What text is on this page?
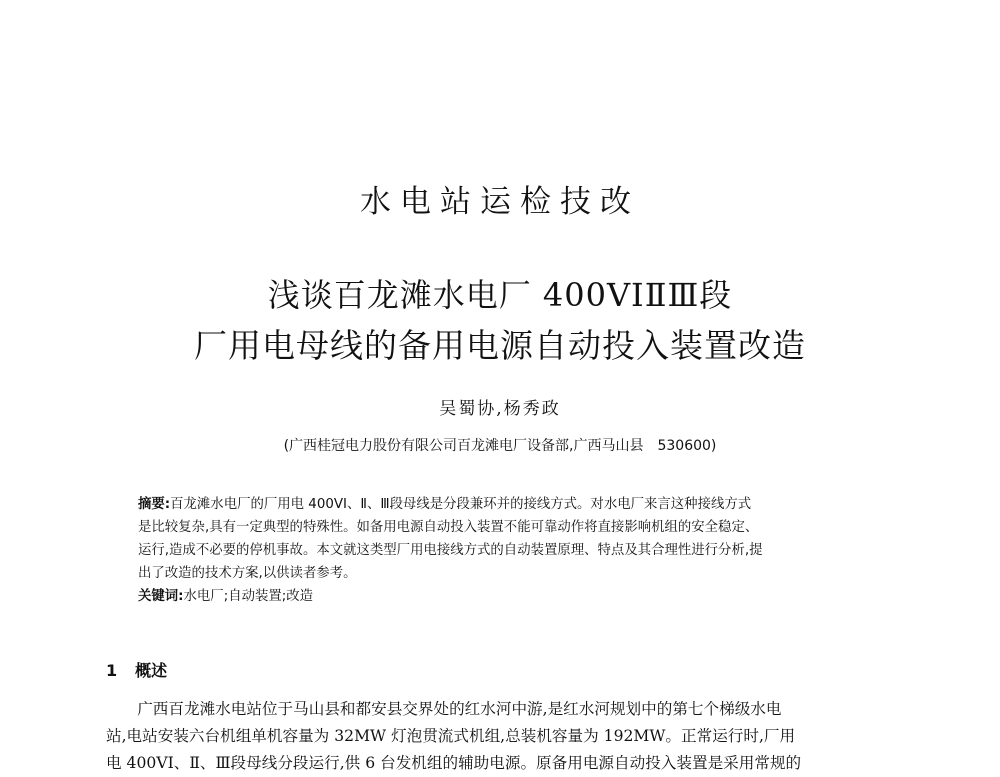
水电站运检技改
浅谈百龙滩水电厂 400VⅠⅡⅢ段
厂用电母线的备用电源自动投入装置改造
吴蜀协,杨秀政
(广西桂冠电力股份有限公司百龙滩电厂设备部,广西马山县　530600)

摘要:百龙滩水电厂的厂用电 400VⅠ、Ⅱ、Ⅲ段母线是分段兼环并的接线方式。对水电厂来言这种接线方式

是比较复杂,具有一定典型的特殊性。如备用电源自动投入装置不能可靠动作将直接影响机组的安全稳定、

运行,造成不必要的停机事故。本文就这类型厂用电接线方式的自动装置原理、特点及其合理性进行分析,提

出了改造的技术方案,以供读者参考。

关键词:水电厂;自动装置;改造

1 概述

　　广西百龙滩水电站位于马山县和都安县交界处的红水河中游,是红水河规划中的第七个梯级水电

站,电站安装六台机组单机容量为 32MW 灯泡贯流式机组,总装机容量为 192MW。正常运行时,厂用

电 400VⅠ、Ⅱ、Ⅲ段母线分段运行,供 6 台发机组的辅助电源。原备用电源自动投入装置是采用常规的
